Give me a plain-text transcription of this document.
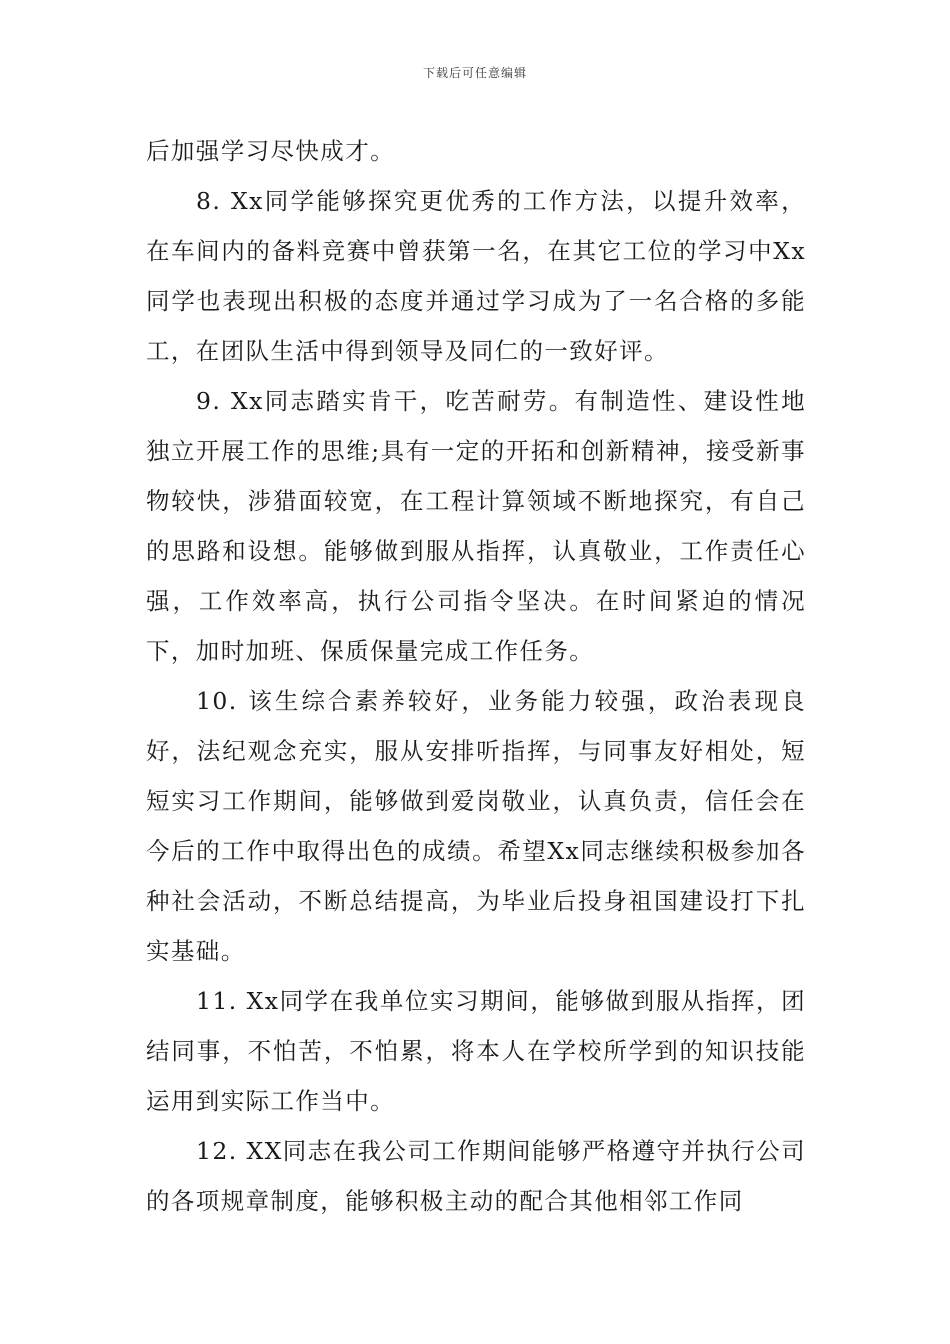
下载后可任意编辑

后加强学习尽快成才。

8. Xx同学能够探究更优秀的工作方法，以提升效率，在车间内的备料竞赛中曾获第一名，在其它工位的学习中Xx同学也表现出积极的态度并通过学习成为了一名合格的多能工，在团队生活中得到领导及同仁的一致好评。

9. Xx同志踏实肯干，吃苦耐劳。有制造性、建设性地独立开展工作的思维;具有一定的开拓和创新精神，接受新事物较快，涉猎面较宽，在工程计算领域不断地探究，有自己的思路和设想。能够做到服从指挥，认真敬业，工作责任心强，工作效率高，执行公司指令坚决。在时间紧迫的情况下，加时加班、保质保量完成工作任务。

10. 该生综合素养较好，业务能力较强，政治表现良好，法纪观念充实，服从安排听指挥，与同事友好相处，短短实习工作期间，能够做到爱岗敬业，认真负责，信任会在今后的工作中取得出色的成绩。希望Xx同志继续积极参加各种社会活动，不断总结提高，为毕业后投身祖国建设打下扎实基础。

11. Xx同学在我单位实习期间，能够做到服从指挥，团结同事，不怕苦，不怕累，将本人在学校所学到的知识技能运用到实际工作当中。

12. XX同志在我公司工作期间能够严格遵守并执行公司的各项规章制度，能够积极主动的配合其他相邻工作同
